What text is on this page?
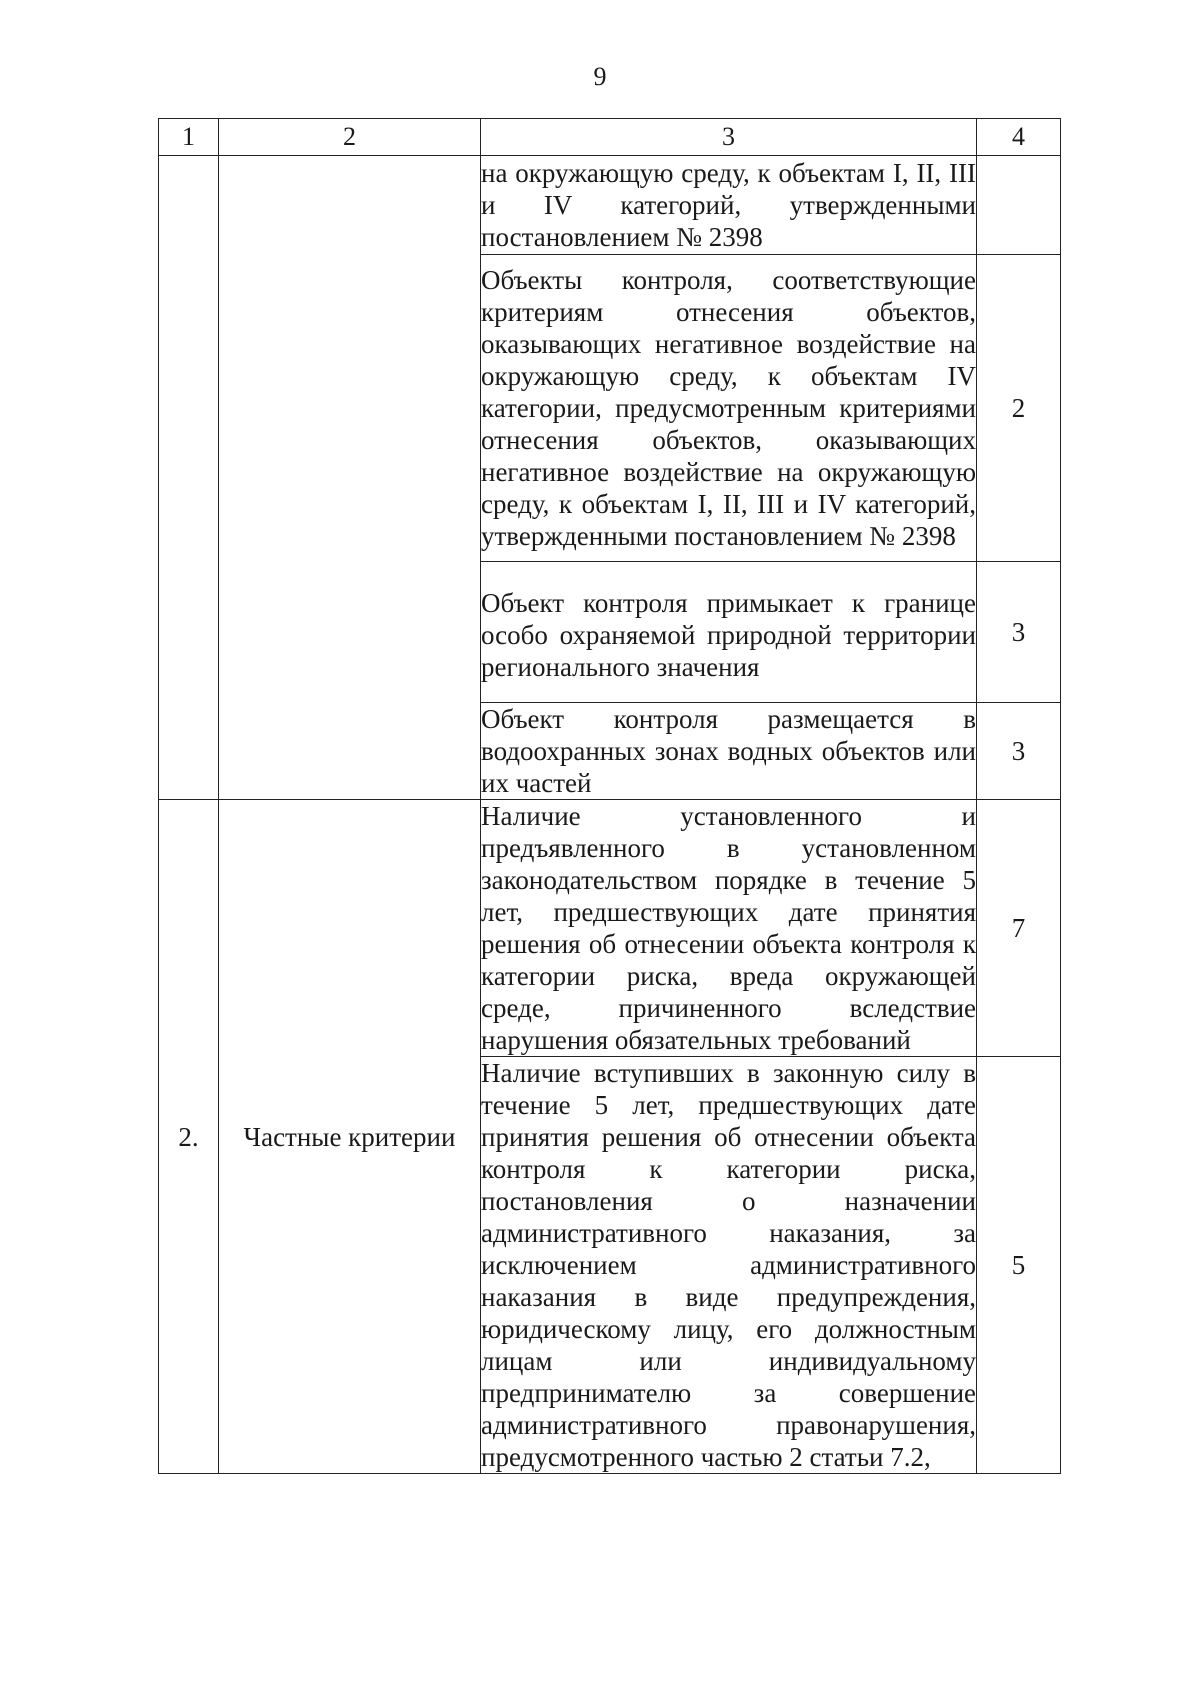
9
1	2	3	4
		на окружающую среду, к объектам I, II, III и IV категорий, утвержденными постановлением № 2398	
		Объекты контроля, соответствующие критериям отнесения объектов, оказывающих негативное воздействие на окружающую среду, к объектам IV категории, предусмотренным критериями отнесения объектов, оказывающих негативное воздействие на окружающую среду, к объектам I, II, III и IV категорий, утвержденными постановлением № 2398	2
		Объект контроля примыкает к границе особо охраняемой природной территории регионального значения	3
		Объект контроля размещается в водоохранных зонах водных объектов или их частей	3
2.	Частные критерии	Наличие установленного и предъявленного в установленном законодательством порядке в течение 5 лет, предшествующих дате принятия решения об отнесении объекта контроля к категории риска, вреда окружающей среде, причиненного вследствие нарушения обязательных требований	7
		Наличие вступивших в законную силу в течение 5 лет, предшествующих дате принятия решения об отнесении объекта контроля к категории риска, постановления о назначении административного наказания, за исключением административного наказания в виде предупреждения, юридическому лицу, его должностным лицам или индивидуальному предпринимателю за совершение административного правонарушения, предусмотренного частью 2 статьи 7.2,	5
